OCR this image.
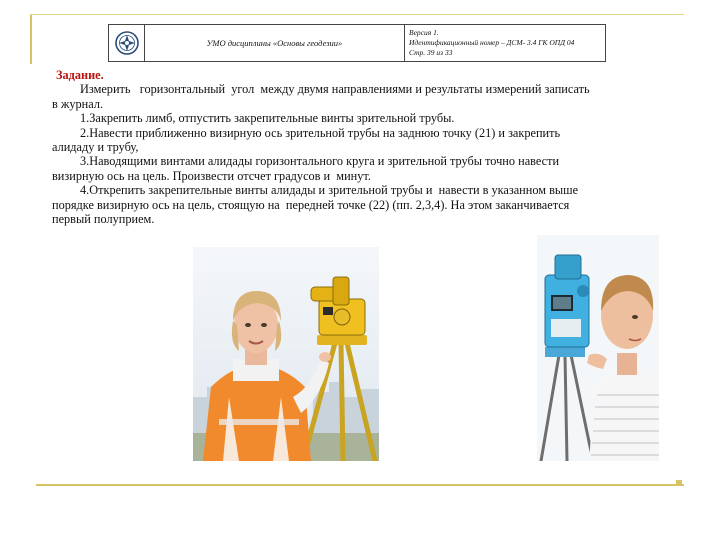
УМО дисциплины «Основы геодезии»
Версия 1.
Идентификационный номер – ДСМ- 3.4 ГК ОПД 04
Стр. 39 из 33
Задание.
Измерить   горизонтальный  угол  между двумя направлениями и результаты измерений записать
в журнал.
1.Закрепить лимб, отпустить закрепительные винты зрительной трубы.
2.Навести приближенно визирную ось зрительной трубы на заднюю точку (21) и закрепить
алидаду и трубу,
3.Наводящими винтами алидады горизонтального круга и зрительной трубы точно навести
визирную ось на цель. Произвести отсчет градусов и  минут.
4.Открепить закрепительные винты алидады и зрительной трубы и  навести в указанном выше
порядке визирную ось на цель, стоящую на  передней точке (22) (пп. 2,3,4). На этом заканчивается
первый полуприем.
